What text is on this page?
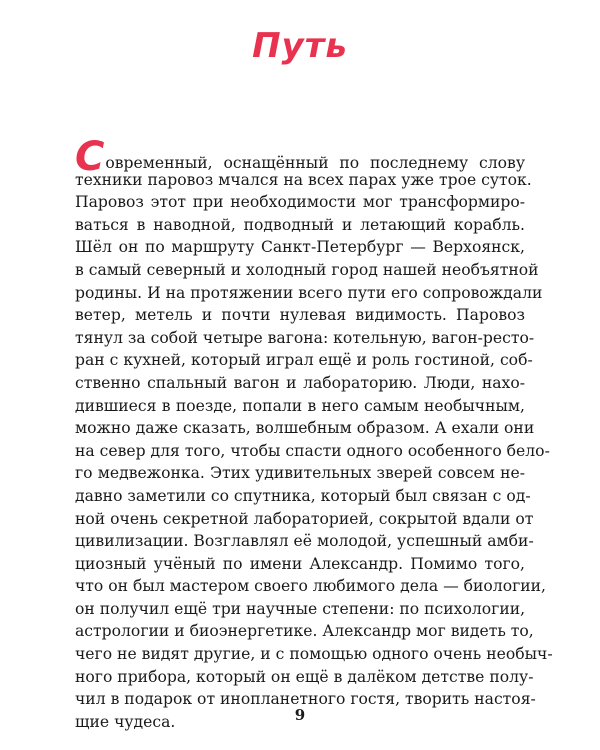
Путь
Современный, оснащённый по последнему слову
техники паровоз мчался на всех парах уже трое суток.
Паровоз этот при необходимости мог трансформиро-
ваться в наводной, подводный и летающий корабль.
Шёл он по маршруту Санкт-Петербург — Верхоянск,
в самый северный и холодный город нашей необъятной
родины. И на протяжении всего пути его сопровождали
ветер, метель и почти нулевая видимость. Паровоз
тянул за собой четыре вагона: котельную, вагон-ресто-
ран с кухней, который играл ещё и роль гостиной, соб-
ственно спальный вагон и лабораторию. Люди, нахо-
дившиеся в поезде, попали в него самым необычным,
можно даже сказать, волшебным образом. А ехали они
на север для того, чтобы спасти одного особенного бело-
го медвежонка. Этих удивительных зверей совсем не-
давно заметили со спутника, который был связан с од-
ной очень секретной лабораторией, сокрытой вдали от
цивилизации. Возглавлял её молодой, успешный амби-
циозный учёный по имени Александр. Помимо того,
что он был мастером своего любимого дела — биологии,
он получил ещё три научные степени: по психологии,
астрологии и биоэнергетике. Александр мог видеть то,
чего не видят другие, и с помощью одного очень необыч-
ного прибора, который он ещё в далёком детстве полу-
чил в подарок от инопланетного гостя, творить настоя-
щие чудеса.	9
